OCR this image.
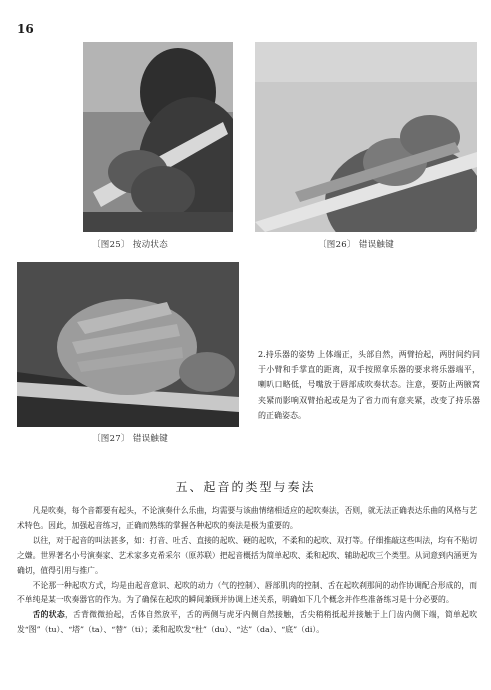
16
〔图25〕 按动状态	〔图26〕 错误触键
〔图27〕 错误触键
2.持乐器的姿势 上体端正，头部自然，两臂抬起，两肘间约同于小臂和手掌直的距离，双手按照拿乐器的要求将乐器端平，喇叭口略低，号嘴放于唇部成吹奏状态。注意，要防止两腋窝夹紧而影响双臂抬起或是为了省力而有意夹紧，改变了持乐器的正确姿态。
五、起音的类型与奏法

凡是吹奏，每个音都要有起头，不论演奏什么乐曲，均需要与该曲情绪相适应的起吹奏法，否则，就无法正确表达乐曲的风格与艺术特色。因此，加强起音练习，正确而熟练的掌握各种起吹的奏法是极为重要的。

以往，对于起音的叫法甚多，如：打音、吐舌、直接的起吹、硬的起吹，不柔和的起吹、双打等。仔细推敲这些叫法，均有不贴切之嫌。世界著名小号演奏家、艺术家多克希采尔（原苏联）把起音概括为简单起吹、柔和起吹、辅助起吹三个类型。从词意到内涵更为确切，值得引用与推广。

不论那一种起吹方式，均是由起音意识、起吹的动力（气的控制）、唇部肌肉的控制、舌在起吹刹那间的动作协调配合形成的，而不单纯是某一吹奏器官的作为。为了确保在起吹的瞬间兼顾并协调上述关系，明确如下几个概念并作些准备练习是十分必要的。

舌的状态，舌背微微抬起，舌体自然放平，舌的两侧与虎牙内侧自然接触，舌尖稍稍抵起并接触于上门齿内侧下端，简单起吹发“图”（tu）、“塔”（ta）、“替”（ti）；柔和起吹发“杜”（du）、“达”（da）、“底”（di）。
